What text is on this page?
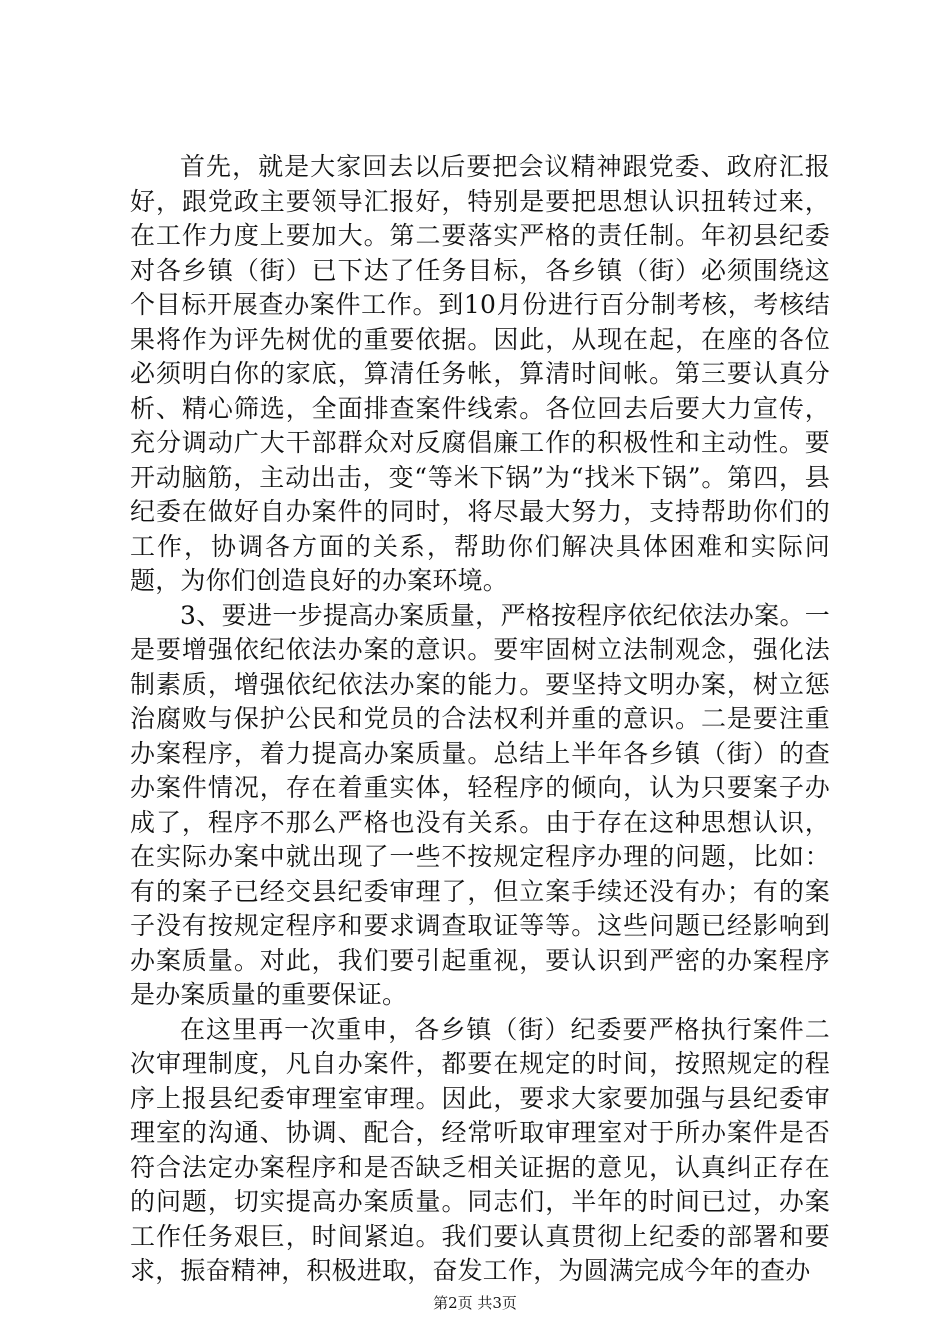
首先，就是大家回去以后要把会议精神跟党委、政府汇报好，跟党政主要领导汇报好，特别是要把思想认识扭转过来，在工作力度上要加大。第二要落实严格的责任制。年初县纪委对各乡镇（街）已下达了任务目标，各乡镇（街）必须围绕这个目标开展查办案件工作。到10月份进行百分制考核，考核结果将作为评先树优的重要依据。因此，从现在起，在座的各位必须明白你的家底，算清任务帐，算清时间帐。第三要认真分析、精心筛选，全面排查案件线索。各位回去后要大力宣传，充分调动广大干部群众对反腐倡廉工作的积极性和主动性。要开动脑筋，主动出击，变“等米下锅”为“找米下锅”。第四，县纪委在做好自办案件的同时，将尽最大努力，支持帮助你们的工作，协调各方面的关系，帮助你们解决具体困难和实际问题，为你们创造良好的办案环境。

3、要进一步提高办案质量，严格按程序依纪依法办案。一是要增强依纪依法办案的意识。要牢固树立法制观念，强化法制素质，增强依纪依法办案的能力。要坚持文明办案，树立惩治腐败与保护公民和党员的合法权利并重的意识。二是要注重办案程序，着力提高办案质量。总结上半年各乡镇（街）的查办案件情况，存在着重实体，轻程序的倾向，认为只要案子办成了，程序不那么严格也没有关系。由于存在这种思想认识，在实际办案中就出现了一些不按规定程序办理的问题，比如：有的案子已经交县纪委审理了，但立案手续还没有办；有的案子没有按规定程序和要求调查取证等等。这些问题已经影响到办案质量。对此，我们要引起重视，要认识到严密的办案程序是办案质量的重要保证。

在这里再一次重申，各乡镇（街）纪委要严格执行案件二次审理制度，凡自办案件，都要在规定的时间，按照规定的程序上报县纪委审理室审理。因此，要求大家要加强与县纪委审理室的沟通、协调、配合，经常听取审理室对于所办案件是否符合法定办案程序和是否缺乏相关证据的意见，认真纠正存在的问题，切实提高办案质量。同志们，半年的时间已过，办案工作任务艰巨，时间紧迫。我们要认真贯彻上纪委的部署和要求，振奋精神，积极进取，奋发工作，为圆满完成今年的查办

第2页 共3页
